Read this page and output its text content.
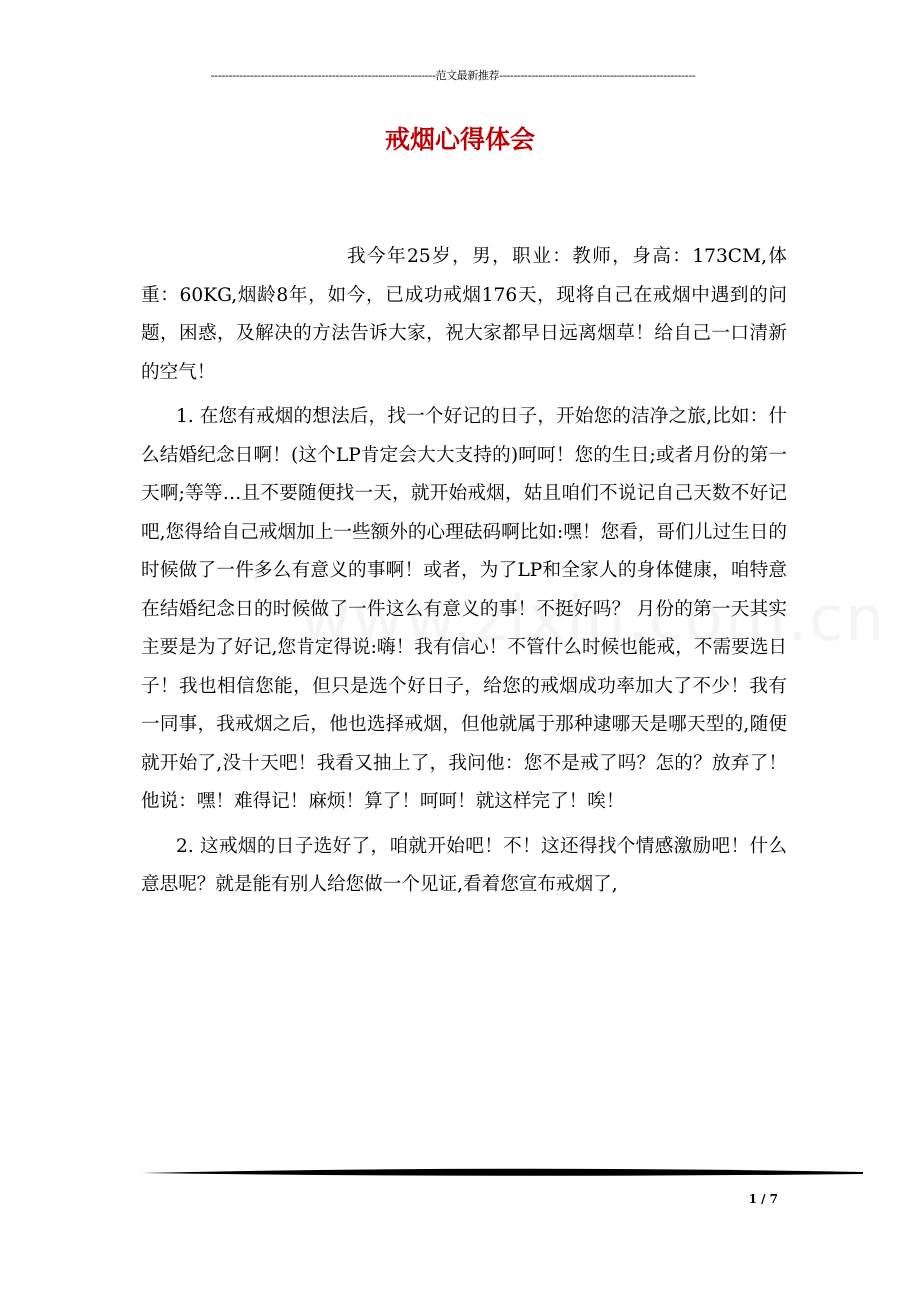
---------------------------------------------------------------范文最新推荐-------------------------------------------------------
戒烟心得体会

我今年25岁，男，职业：教师，身高：173CM,体重：60KG,烟龄8年，如今，已成功戒烟176天，现将自己在戒烟中遇到的问题，困惑，及解决的方法告诉大家，祝大家都早日远离烟草！给自己一口清新的空气！

1. 在您有戒烟的想法后，找一个好记的日子，开始您的洁净之旅,比如：什么结婚纪念日啊！(这个LP肯定会大大支持的)呵呵！您的生日;或者月份的第一天啊;等等…且不要随便找一天，就开始戒烟，姑且咱们不说记自己天数不好记吧,您得给自己戒烟加上一些额外的心理砝码啊比如:嘿！您看，哥们儿过生日的时候做了一件多么有意义的事啊！或者，为了LP和全家人的身体健康，咱特意在结婚纪念日的时候做了一件这么有意义的事！不挺好吗？ 月份的第一天其实主要是为了好记,您肯定得说:嗨！我有信心！不管什么时候也能戒，不需要选日子！我也相信您能，但只是选个好日子，给您的戒烟成功率加大了不少！我有一同事，我戒烟之后，他也选择戒烟，但他就属于那种逮哪天是哪天型的,随便就开始了,没十天吧！我看又抽上了，我问他：您不是戒了吗？怎的？放弃了！他说：嘿！难得记！麻烦！算了！呵呵！就这样完了！唉！

2. 这戒烟的日子选好了，咱就开始吧！不！这还得找个情感激励吧！什么意思呢？就是能有别人给您做一个见证,看着您宣布戒烟了,

1 / 7
